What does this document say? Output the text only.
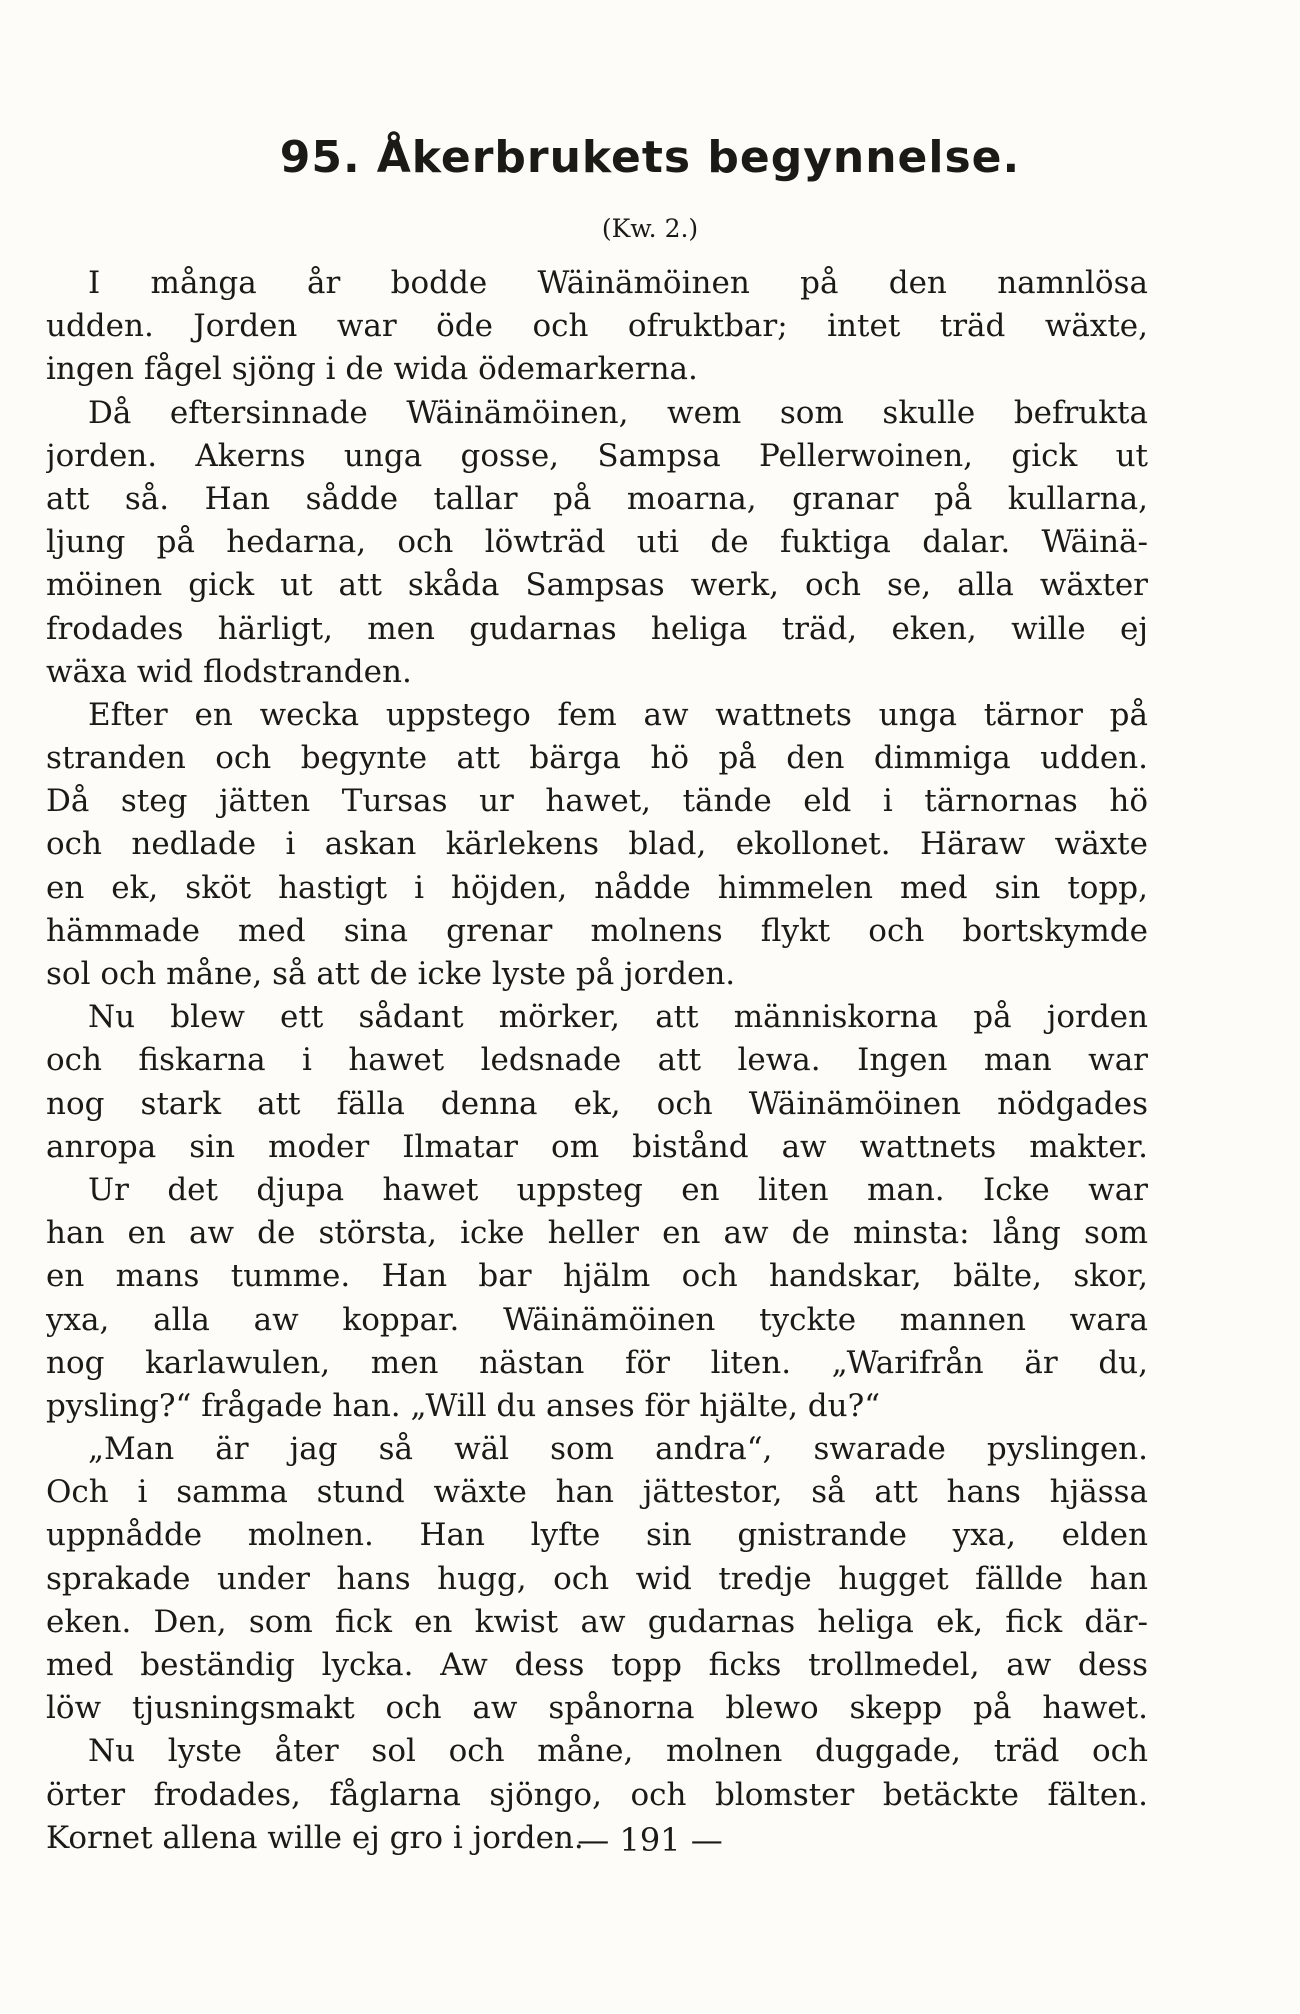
95. Åkerbrukets begynnelse.
(Kw. 2.)
I många år bodde Wäinämöinen på den namnlösa
udden. Jorden war öde och ofruktbar; intet träd wäxte,
ingen fågel sjöng i de wida ödemarkerna.
Då eftersinnade Wäinämöinen, wem som skulle befrukta
jorden. Akerns unga gosse, Sampsa Pellerwoinen, gick ut
att så. Han sådde tallar på moarna, granar på kullarna,
ljung på hedarna, och löwträd uti de fuktiga dalar. Wäinä-
möinen gick ut att skåda Sampsas werk, och se, alla wäxter
frodades härligt, men gudarnas heliga träd, eken, wille ej
wäxa wid flodstranden.
Efter en wecka uppstego fem aw wattnets unga tärnor på
stranden och begynte att bärga hö på den dimmiga udden.
Då steg jätten Tursas ur hawet, tände eld i tärnornas hö
och nedlade i askan kärlekens blad, ekollonet. Häraw wäxte
en ek, sköt hastigt i höjden, nådde himmelen med sin topp,
hämmade med sina grenar molnens flykt och bortskymde
sol och måne, så att de icke lyste på jorden.
Nu blew ett sådant mörker, att människorna på jorden
och fiskarna i hawet ledsnade att lewa. Ingen man war
nog stark att fälla denna ek, och Wäinämöinen nödgades
anropa sin moder Ilmatar om bistånd aw wattnets makter.
Ur det djupa hawet uppsteg en liten man. Icke war
han en aw de största, icke heller en aw de minsta: lång som
en mans tumme. Han bar hjälm och handskar, bälte, skor,
yxa, alla aw koppar. Wäinämöinen tyckte mannen wara
nog karlawulen, men nästan för liten. „Warifrån är du,
pysling?“ frågade han. „Will du anses för hjälte, du?“
„Man är jag så wäl som andra“, swarade pyslingen.
Och i samma stund wäxte han jättestor, så att hans hjässa
uppnådde molnen. Han lyfte sin gnistrande yxa, elden
sprakade under hans hugg, och wid tredje hugget fällde han
eken. Den, som fick en kwist aw gudarnas heliga ek, fick där-
med beständig lycka. Aw dess topp ficks trollmedel, aw dess
löw tjusningsmakt och aw spånorna blewo skepp på hawet.
Nu lyste åter sol och måne, molnen duggade, träd och
örter frodades, fåglarna sjöngo, och blomster betäckte fälten.
Kornet allena wille ej gro i jorden.
— 191 —
